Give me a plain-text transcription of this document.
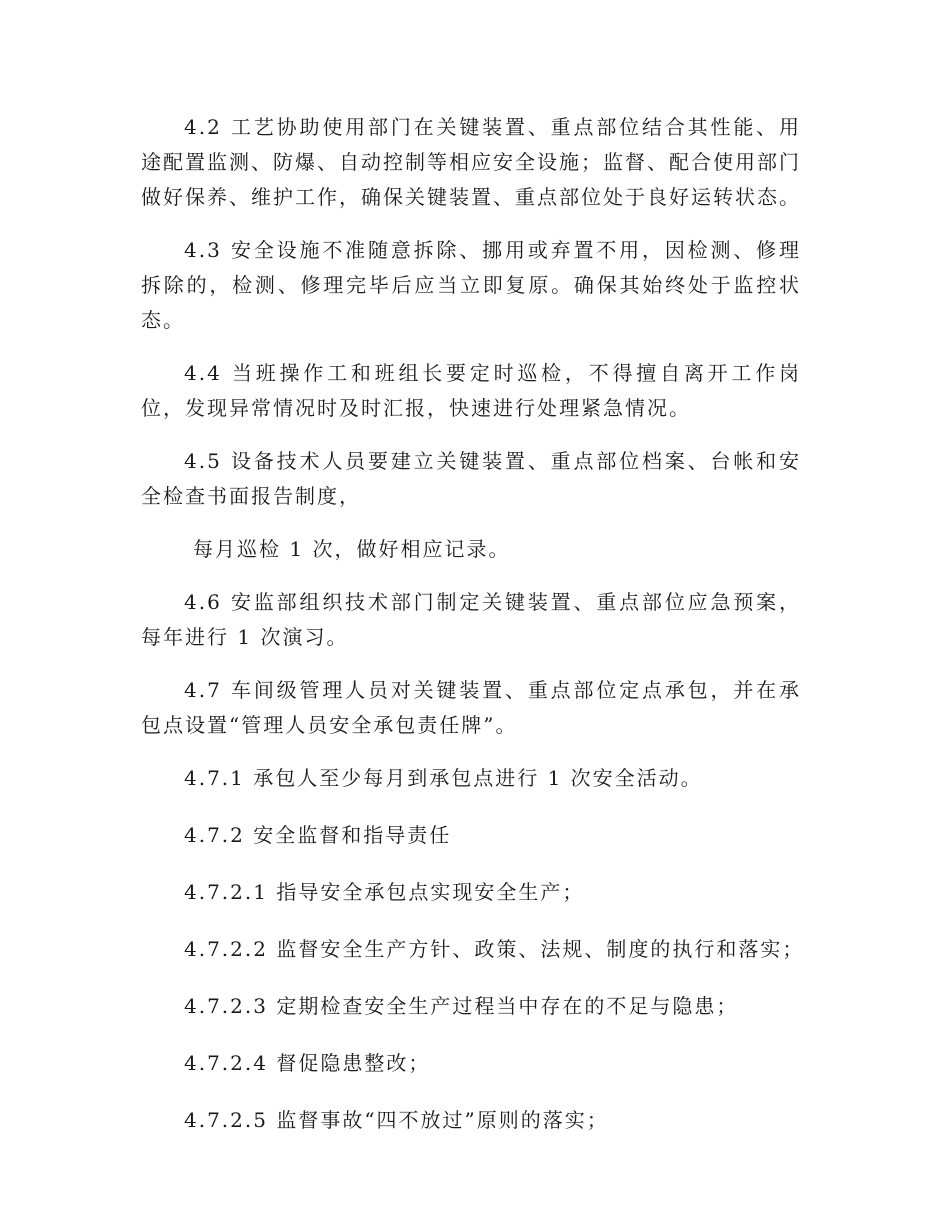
4.2 工艺协助使用部门在关键装置、重点部位结合其性能、用途配置监测、防爆、自动控制等相应安全设施；监督、配合使用部门做好保养、维护工作，确保关键装置、重点部位处于良好运转状态。

4.3 安全设施不准随意拆除、挪用或弃置不用，因检测、修理拆除的，检测、修理完毕后应当立即复原。确保其始终处于监控状态。

4.4 当班操作工和班组长要定时巡检，不得擅自离开工作岗位，发现异常情况时及时汇报，快速进行处理紧急情况。

4.5 设备技术人员要建立关键装置、重点部位档案、台帐和安全检查书面报告制度，

每月巡检 1 次，做好相应记录。

4.6 安监部组织技术部门制定关键装置、重点部位应急预案，每年进行 1 次演习。

4.7 车间级管理人员对关键装置、重点部位定点承包，并在承包点设置“管理人员安全承包责任牌”。

4.7.1 承包人至少每月到承包点进行 1 次安全活动。

4.7.2 安全监督和指导责任

4.7.2.1 指导安全承包点实现安全生产；

4.7.2.2 监督安全生产方针、政策、法规、制度的执行和落实；

4.7.2.3 定期检查安全生产过程当中存在的不足与隐患；

4.7.2.4 督促隐患整改；

4.7.2.5 监督事故“四不放过”原则的落实；
